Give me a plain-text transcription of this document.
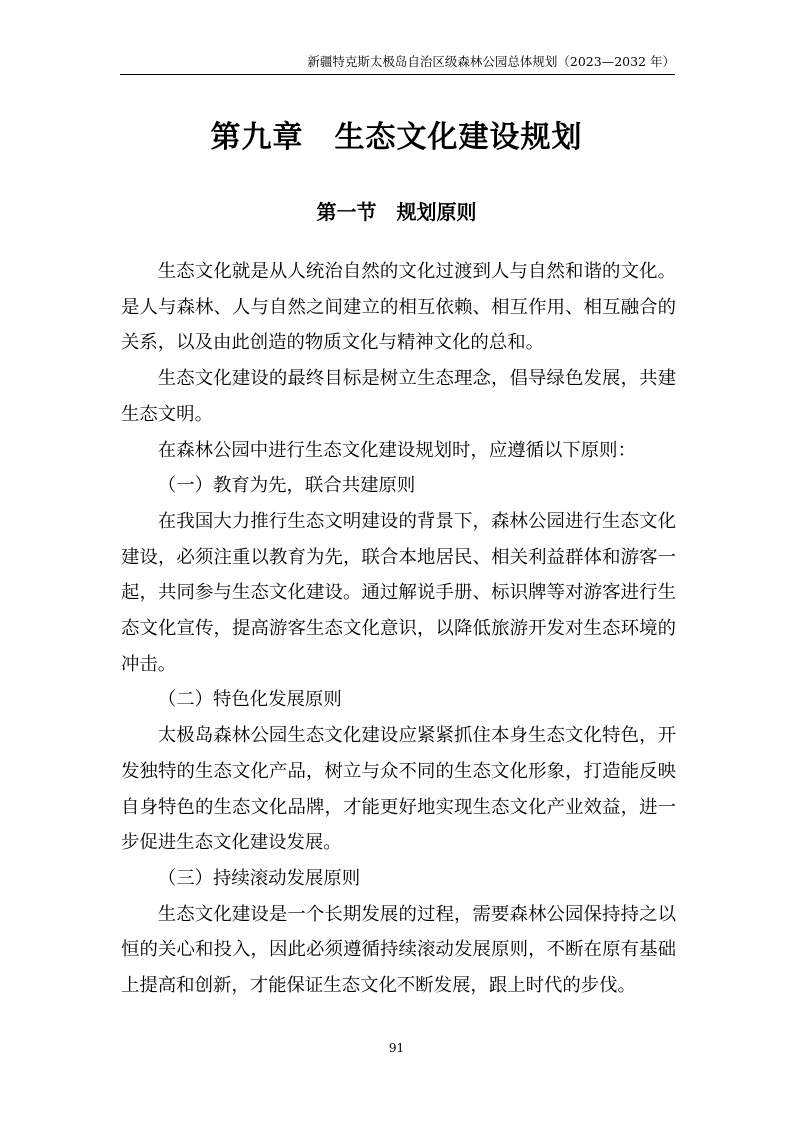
新疆特克斯太极岛自治区级森林公园总体规划（2023—2032 年）
第九章　生态文化建设规划
第一节　规划原则

生态文化就是从人统治自然的文化过渡到人与自然和谐的文化。是人与森林、人与自然之间建立的相互依赖、相互作用、相互融合的关系，以及由此创造的物质文化与精神文化的总和。

生态文化建设的最终目标是树立生态理念，倡导绿色发展，共建生态文明。

在森林公园中进行生态文化建设规划时，应遵循以下原则：

（一）教育为先，联合共建原则

在我国大力推行生态文明建设的背景下，森林公园进行生态文化建设，必须注重以教育为先，联合本地居民、相关利益群体和游客一起，共同参与生态文化建设。通过解说手册、标识牌等对游客进行生态文化宣传，提高游客生态文化意识，以降低旅游开发对生态环境的冲击。

（二）特色化发展原则

太极岛森林公园生态文化建设应紧紧抓住本身生态文化特色，开发独特的生态文化产品，树立与众不同的生态文化形象，打造能反映自身特色的生态文化品牌，才能更好地实现生态文化产业效益，进一步促进生态文化建设发展。

（三）持续滚动发展原则

生态文化建设是一个长期发展的过程，需要森林公园保持持之以恒的关心和投入，因此必须遵循持续滚动发展原则，不断在原有基础上提高和创新，才能保证生态文化不断发展，跟上时代的步伐。

91
